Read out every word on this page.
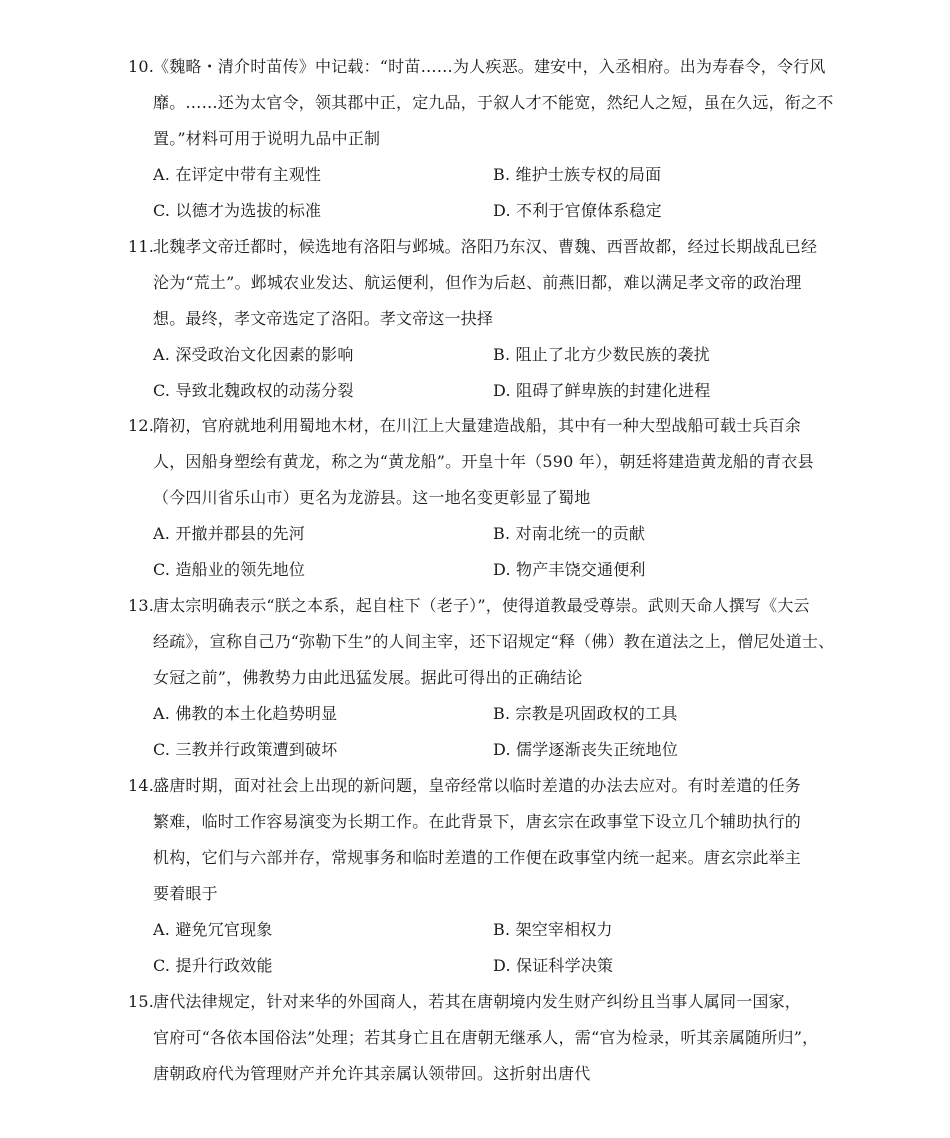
10.
《魏略・清介时苗传》中记载：“时苗……为人疾恶。建安中，入丞相府。出为寿春令，令行风
靡。……还为太官令，领其郡中正，定九品，于叙人才不能宽，然纪人之短，虽在久远，衔之不
置。”材料可用于说明九品中正制
A. 在评定中带有主观性	B. 维护士族专权的局面
C. 以德才为选拔的标准	D. 不利于官僚体系稳定
11.
北魏孝文帝迁都时，候选地有洛阳与邺城。洛阳乃东汉、曹魏、西晋故都，经过长期战乱已经
沦为“荒土”。邺城农业发达、航运便利，但作为后赵、前燕旧都，难以满足孝文帝的政治理
想。最终，孝文帝选定了洛阳。孝文帝这一抉择
A. 深受政治文化因素的影响	B. 阻止了北方少数民族的袭扰
C. 导致北魏政权的动荡分裂	D. 阻碍了鲜卑族的封建化进程
12.
隋初，官府就地利用蜀地木材，在川江上大量建造战船，其中有一种大型战船可载士兵百余
人，因船身塑绘有黄龙，称之为“黄龙船”。开皇十年（590 年），朝廷将建造黄龙船的青衣县
（今四川省乐山市）更名为龙游县。这一地名变更彰显了蜀地
A. 开撤并郡县的先河	B. 对南北统一的贡献
C. 造船业的领先地位	D. 物产丰饶交通便利
13.
唐太宗明确表示“朕之本系，起自柱下（老子）”，使得道教最受尊崇。武则天命人撰写《大云
经疏》，宣称自己乃“弥勒下生”的人间主宰，还下诏规定“释（佛）教在道法之上，僧尼处道士、
女冠之前”，佛教势力由此迅猛发展。据此可得出的正确结论
A. 佛教的本土化趋势明显	B. 宗教是巩固政权的工具
C. 三教并行政策遭到破坏	D. 儒学逐渐丧失正统地位
14.
盛唐时期，面对社会上出现的新问题，皇帝经常以临时差遣的办法去应对。有时差遣的任务
繁难，临时工作容易演变为长期工作。在此背景下，唐玄宗在政事堂下设立几个辅助执行的
机构，它们与六部并存，常规事务和临时差遣的工作便在政事堂内统一起来。唐玄宗此举主
要着眼于
A. 避免冗官现象	B. 架空宰相权力
C. 提升行政效能	D. 保证科学决策
15.
唐代法律规定，针对来华的外国商人，若其在唐朝境内发生财产纠纷且当事人属同一国家，
官府可“各依本国俗法”处理；若其身亡且在唐朝无继承人，需“官为检录，听其亲属随所归”，
唐朝政府代为管理财产并允许其亲属认领带回。这折射出唐代
